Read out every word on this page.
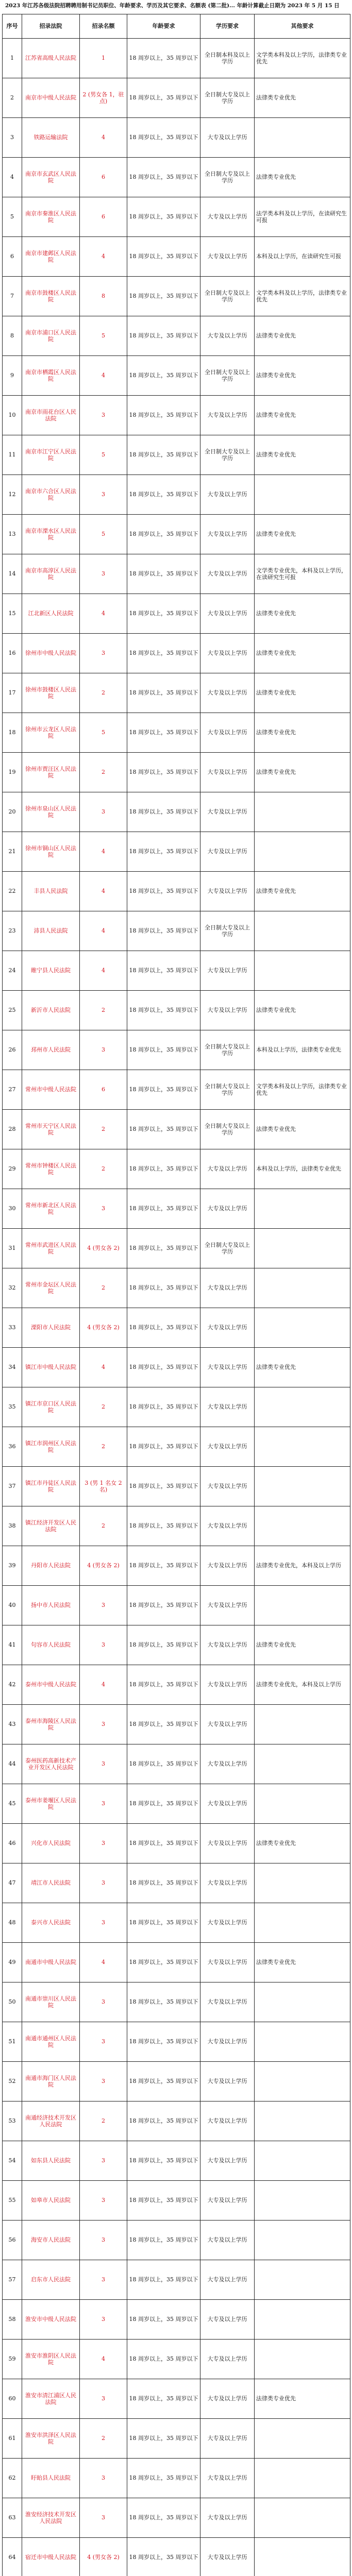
2023 年江苏各级法院招聘聘用制书记员职位、年龄要求、学历及其它要求、名额表 (第二批)... 年龄计算截止日期为 2023 年 5 月 15 日
序号	招录法院	招录名额	年龄要求	学历要求	其他要求
1	江苏省高级人民法院	1	18 周岁以上，35 周岁以下	全日制本科及以上学历	文学类本科及以上学历，法律类专业优先
2	南京市中级人民法院	2 (男女各 1，驻点)	18 周岁以上，35 周岁以下	全日制大专及以上学历	法律类专业优先
3	铁路运输法院	4	18 周岁以上，35 周岁以下	大专及以上学历	
4	南京市玄武区人民法院	6	18 周岁以上，35 周岁以下	全日制大专及以上学历	法律类专业优先
5	南京市秦淮区人民法院	6	18 周岁以上，35 周岁以下	大专及以上学历	法学类本科及以上学历，在读研究生可报
6	南京市建邺区人民法院	4	18 周岁以上，35 周岁以下	大专及以上学历	本科及以上学历，在读研究生可报
7	南京市鼓楼区人民法院	8	18 周岁以上，35 周岁以下	全日制大专及以上学历	文学类本科及以上学历，法律类专业优先
8	南京市浦口区人民法院	5	18 周岁以上，35 周岁以下	大专及以上学历	法律类专业优先
9	南京市栖霞区人民法院	4	18 周岁以上，35 周岁以下	全日制大专及以上学历	法律类专业优先
10	南京市雨花台区人民法院	3	18 周岁以上，35 周岁以下	大专及以上学历	法律类专业优先
11	南京市江宁区人民法院	5	18 周岁以上，35 周岁以下	全日制大专及以上学历	法律类专业优先
12	南京市六合区人民法院	3	18 周岁以上，35 周岁以下	大专及以上学历	
13	南京市溧水区人民法院	5	18 周岁以上，35 周岁以下	大专及以上学历	法律类专业优先
14	南京市高淳区人民法院	3	18 周岁以上，35 周岁以下	大专及以上学历	文学类专业优先，本科及以上学历，在读研究生可报
15	江北新区人民法院	4	18 周岁以上，35 周岁以下	大专及以上学历	法律类专业优先
16	徐州市中级人民法院	3	18 周岁以上，35 周岁以下	大专及以上学历	法律类专业优先
17	徐州市鼓楼区人民法院	2	18 周岁以上，35 周岁以下	大专及以上学历	法律类专业优先
18	徐州市云龙区人民法院	5	18 周岁以上，35 周岁以下	大专及以上学历	法律类专业优先
19	徐州市贾汪区人民法院	2	18 周岁以上，35 周岁以下	大专及以上学历	法律类专业优先
20	徐州市泉山区人民法院	3	18 周岁以上，35 周岁以下	大专及以上学历	
21	徐州市铜山区人民法院	4	18 周岁以上，35 周岁以下	大专及以上学历	
22	丰县人民法院	4	18 周岁以上，35 周岁以下	大专及以上学历	法律类专业优先
23	沛县人民法院	4	18 周岁以上，35 周岁以下	全日制大专及以上学历	
24	睢宁县人民法院	4	18 周岁以上，35 周岁以下	大专及以上学历	
25	新沂市人民法院	2	18 周岁以上，35 周岁以下	大专及以上学历	法律类专业优先
26	邳州市人民法院	3	18 周岁以上，35 周岁以下	全日制大专及以上学历	本科及以上学历，法律类专业优先
27	常州市中级人民法院	6	18 周岁以上，35 周岁以下	全日制大专及以上学历	文学类本科及以上学历，法律类专业优先
28	常州市天宁区人民法院	2	18 周岁以上，35 周岁以下	全日制大专及以上学历	法律类专业优先
29	常州市钟楼区人民法院	2	18 周岁以上，35 周岁以下	大专及以上学历	本科及以上学历，法律类专业优先
30	常州市新北区人民法院	3	18 周岁以上，35 周岁以下	大专及以上学历	
31	常州市武进区人民法院	4 (男女各 2)	18 周岁以上，35 周岁以下	全日制大专及以上学历	
32	常州市金坛区人民法院	2	18 周岁以上，35 周岁以下	大专及以上学历	
33	溧阳市人民法院	4 (男女各 2)	18 周岁以上，35 周岁以下	大专及以上学历	
34	镇江市中级人民法院	4	18 周岁以上，35 周岁以下	大专及以上学历	法律类专业优先
35	镇江市京口区人民法院	2	18 周岁以上，35 周岁以下	大专及以上学历	
36	镇江市润州区人民法院	2	18 周岁以上，35 周岁以下	大专及以上学历	
37	镇江市丹徒区人民法院	3 (男 1 名女 2 名)	18 周岁以上，35 周岁以下	大专及以上学历	
38	镇江经济开发区人民法院	2	18 周岁以上，35 周岁以下	大专及以上学历	
39	丹阳市人民法院	4 (男女各 2)	18 周岁以上，35 周岁以下	大专及以上学历	法律类专业优先，本科及以上学历
40	扬中市人民法院	3	18 周岁以上，35 周岁以下	大专及以上学历	
41	句容市人民法院	3	18 周岁以上，35 周岁以下	大专及以上学历	法律类专业优先
42	泰州市中级人民法院	4	18 周岁以上，35 周岁以下	大专及以上学历	法律类专业优先，本科及以上学历
43	泰州市海陵区人民法院	3	18 周岁以上，35 周岁以下	大专及以上学历	
44	泰州医药高新技术产业开发区人民法院	3	18 周岁以上，35 周岁以下	大专及以上学历	
45	泰州市姜堰区人民法院	3	18 周岁以上，35 周岁以下	大专及以上学历	
46	兴化市人民法院	3	18 周岁以上，35 周岁以下	大专及以上学历	法律类专业优先
47	靖江市人民法院	3	18 周岁以上，35 周岁以下	大专及以上学历	
48	泰兴市人民法院	3	18 周岁以上，35 周岁以下	大专及以上学历	
49	南通市中级人民法院	4	18 周岁以上，35 周岁以下	大专及以上学历	法律类专业优先
50	南通市崇川区人民法院	3	18 周岁以上，35 周岁以下	大专及以上学历	
51	南通市通州区人民法院	3	18 周岁以上，35 周岁以下	大专及以上学历	
52	南通市海门区人民法院	3	18 周岁以上，35 周岁以下	大专及以上学历	
53	南通经济技术开发区人民法院	2	18 周岁以上，35 周岁以下	大专及以上学历	
54	如东县人民法院	3	18 周岁以上，35 周岁以下	大专及以上学历	
55	如皋市人民法院	3	18 周岁以上，35 周岁以下	大专及以上学历	
56	海安市人民法院	3	18 周岁以上，35 周岁以下	大专及以上学历	
57	启东市人民法院	3	18 周岁以上，35 周岁以下	大专及以上学历	
58	淮安市中级人民法院	3	18 周岁以上，35 周岁以下	大专及以上学历	
59	淮安市淮阴区人民法院	4	18 周岁以上，35 周岁以下	大专及以上学历	
60	淮安市清江浦区人民法院	3	18 周岁以上，35 周岁以下	大专及以上学历	法律类专业优先
61	淮安市洪泽区人民法院	2	18 周岁以上，35 周岁以下	大专及以上学历	
62	盱眙县人民法院	3	18 周岁以上，35 周岁以下	大专及以上学历	
63	淮安经济技术开发区人民法院	3	18 周岁以上，35 周岁以下	大专及以上学历	
64	宿迁市中级人民法院	4 (男女各 2)	18 周岁以上，35 周岁以下	大专及以上学历	
